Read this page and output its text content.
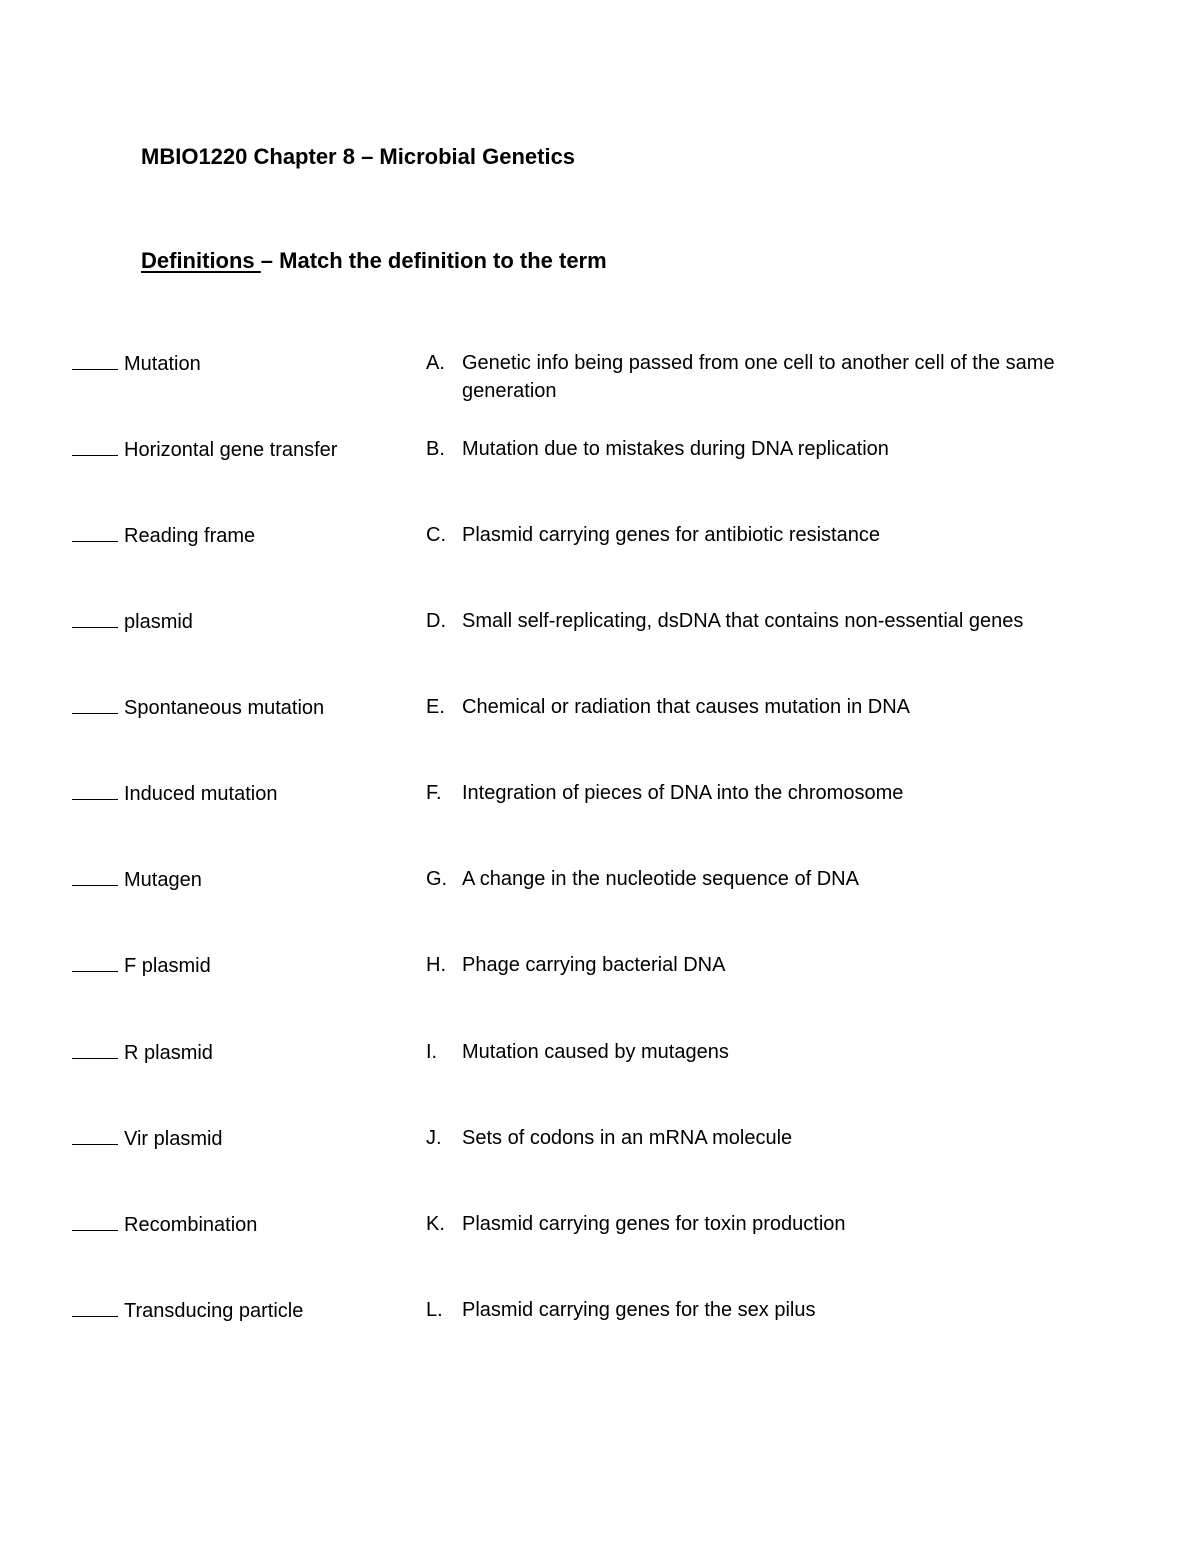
MBIO1220 Chapter 8 – Microbial Genetics
Definitions – Match the definition to the term
Mutation	A. Genetic info being passed from one cell to another cell of the same generation
Horizontal gene transfer	B. Mutation due to mistakes during DNA replication
Reading frame	C. Plasmid carrying genes for antibiotic resistance
plasmid	D. Small self-replicating, dsDNA that contains non-essential genes
Spontaneous mutation	E. Chemical or radiation that causes mutation in DNA
Induced mutation	F. Integration of pieces of DNA into the chromosome
Mutagen	G. A change in the nucleotide sequence of DNA
F plasmid	H. Phage carrying bacterial DNA
R plasmid	I. Mutation caused by mutagens
Vir plasmid	J. Sets of codons in an mRNA molecule
Recombination	K. Plasmid carrying genes for toxin production
Transducing particle	L. Plasmid carrying genes for the sex pilus
